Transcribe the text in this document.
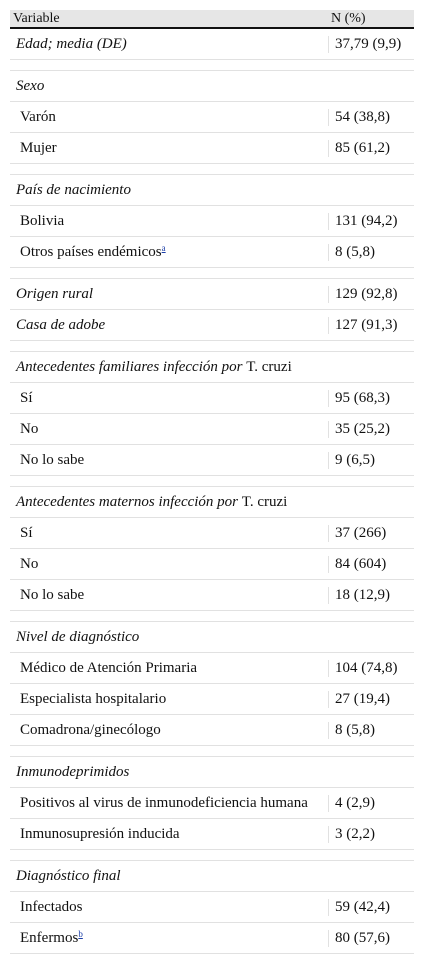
Variable	N (%)
Edad; media (DE)	37,79 (9,9)
Sexo
Varón	54 (38,8)
Mujer	85 (61,2)
País de nacimiento
Bolivia	131 (94,2)
Otros países endémicos$^a$	8 (5,8)
Origen rural	129 (92,8)
Casa de adobe	127 (91,3)
Antecedentes familiares infección por T. cruzi
Sí	95 (68,3)
No	35 (25,2)
No lo sabe	9 (6,5)
Antecedentes maternos infección por T. cruzi
Sí	37 (266)
No	84 (604)
No lo sabe	18 (12,9)
Nivel de diagnóstico
Médico de Atención Primaria	104 (74,8)
Especialista hospitalario	27 (19,4)
Comadrona/ginecólogo	8 (5,8)
Inmunodeprimidos
Positivos al virus de inmunodeficiencia humana	4 (2,9)
Inmunosupresión inducida	3 (2,2)
Diagnóstico final
Infectados	59 (42,4)
Enfermos$^b$	80 (57,6)
